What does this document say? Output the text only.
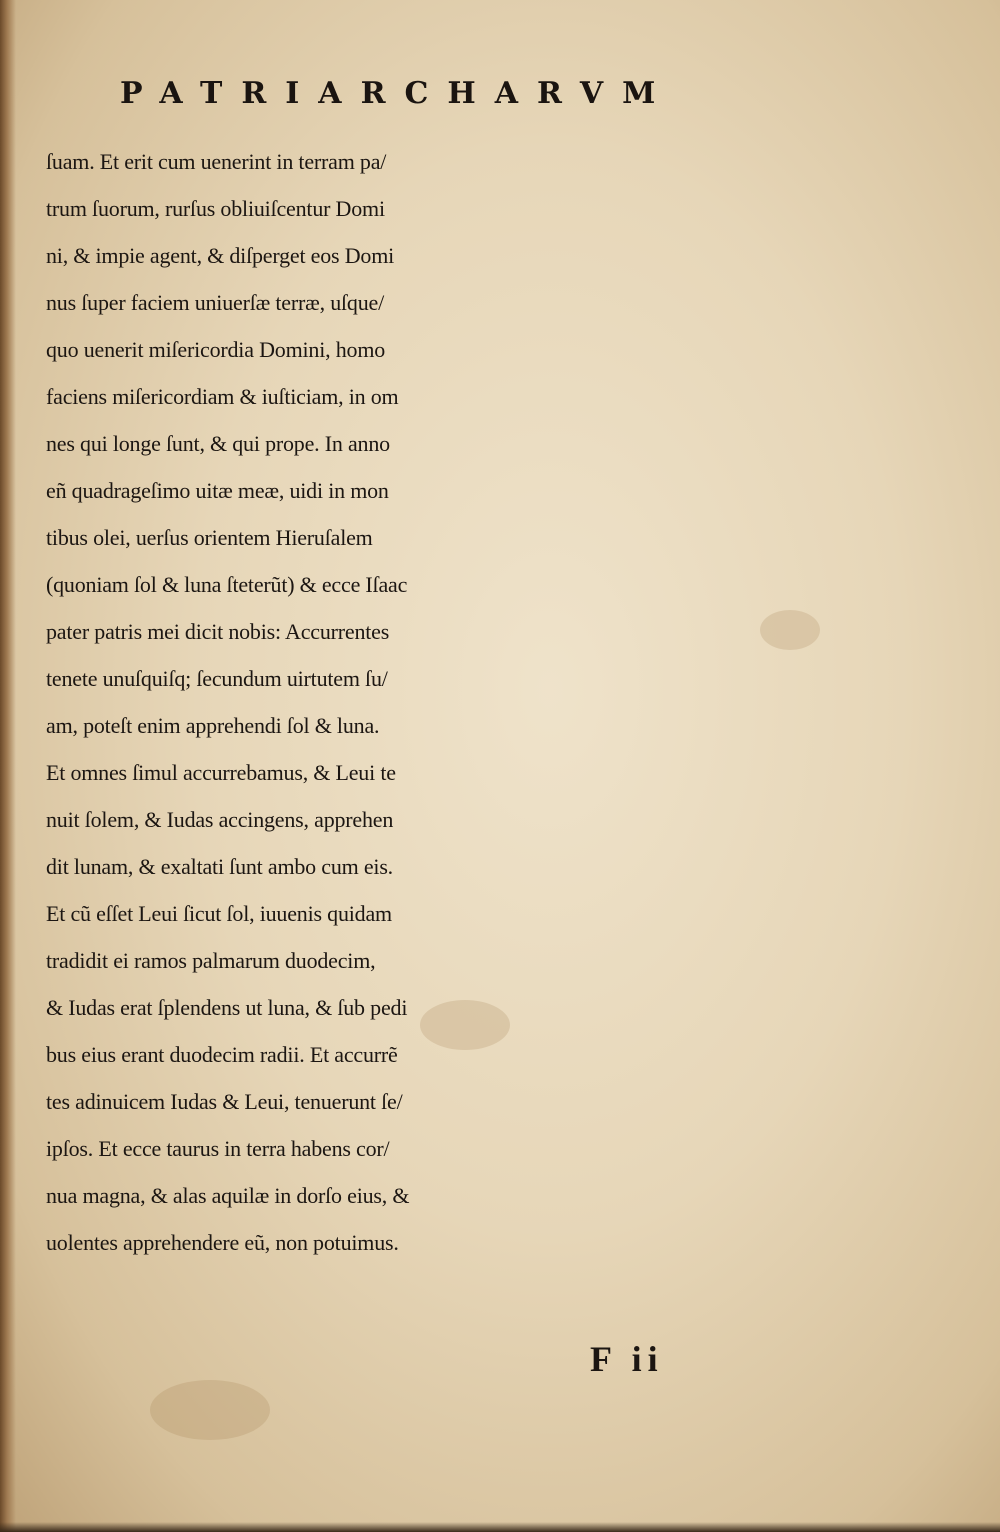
PATRIARCHARVM
ſuam. Et erit cum uenerint in terram pa/
trum ſuorum, rurſus obliuiſcentur Domi
ni, & impie agent, & diſperget eos Domi
nus ſuper faciem uniuerſæ terræ, uſque/
quo uenerit miſericordia Domini, homo
faciens miſericordiam & iuſticiam, in om
nes qui longe ſunt, & qui prope. In anno
eñ quadrageſimo uitæ meæ, uidi in mon
tibus olei, uerſus orientem Hieruſalem
(quoniam ſol & luna ſteterũt) & ecce Iſaac
pater patris mei dicit nobis: Accurrentes
tenete unuſquiſq; ſecundum uirtutem ſu/
am, poteſt enim apprehendi ſol & luna.
Et omnes ſimul accurrebamus, & Leui te
nuit ſolem, & Iudas accingens, apprehen
dit lunam, & exaltati ſunt ambo cum eis.
Et cũ eſſet Leui ſicut ſol, iuuenis quidam
tradidit ei ramos palmarum duodecim,
& Iudas erat ſplendens ut luna, & ſub pedi
bus eius erant duodecim radii. Et accurrẽ
tes adinuicem Iudas & Leui, tenuerunt ſe/
ipſos. Et ecce taurus in terra habens cor/
nua magna, & alas aquilæ in dorſo eius, &
uolentes apprehendere eũ, non potuimus.
F ii
